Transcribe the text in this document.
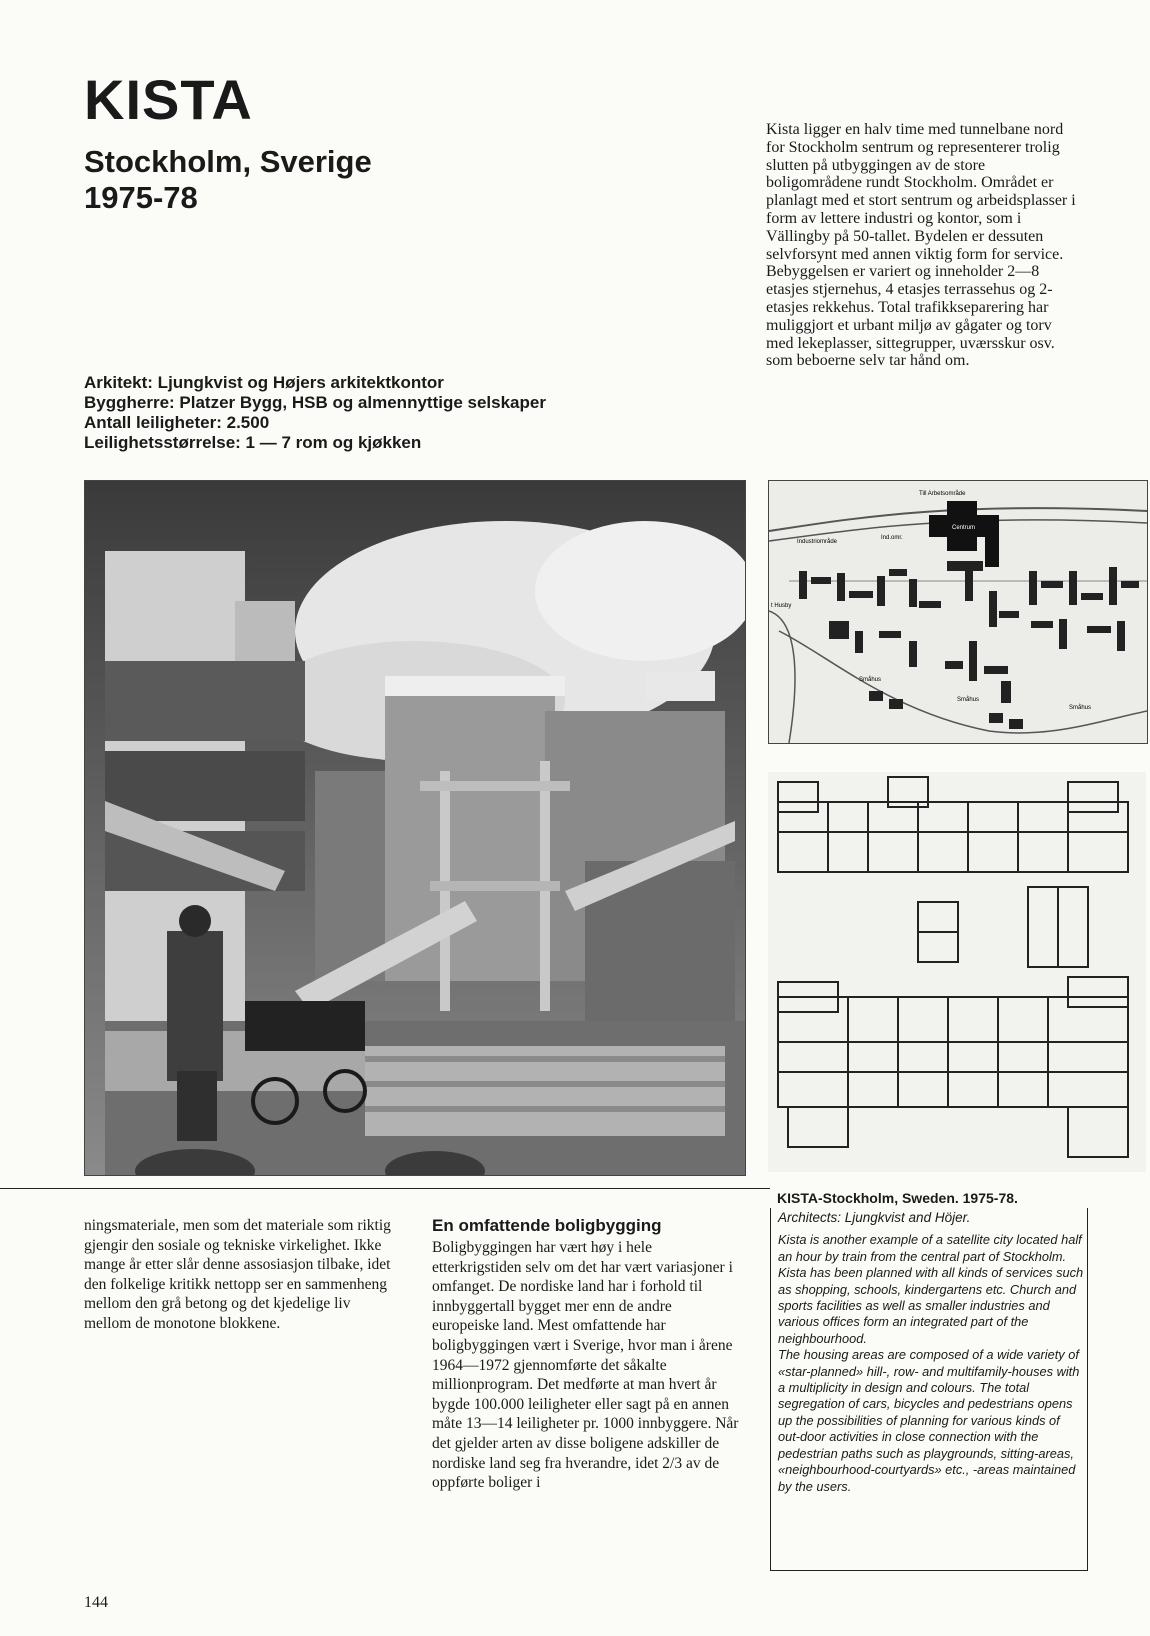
KISTA
Stockholm, Sverige 1975-78
Arkitekt: Ljungkvist og Højers arkitektkontor
Byggherre: Platzer Bygg, HSB og almennyttige selskaper
Antall leiligheter: 2.500
Leilighetsstørrelse: 1 — 7 rom og kjøkken
Kista ligger en halv time med tunnelbane nord for Stockholm sentrum og representerer trolig slutten på utbyggingen av de store boligområdene rundt Stockholm. Området er planlagt med et stort sentrum og arbeidsplasser i form av lettere industri og kontor, som i Vällingby på 50-tallet. Bydelen er dessuten selvforsynt med annen viktig form for service. Bebyggelsen er variert og inneholder 2—8 etasjes stjernehus, 4 etasjes terrassehus og 2-etasjes rekkehus. Total trafikkseparering har muliggjort et urbant miljø av gågater og torv med lekeplasser, sittegrupper, uværsskur osv. som beboerne selv tar hånd om.
Till Arbetsområde
Centrum
Industriområde
Ind.omr.
t Husby
Småhus
Småhus
Småhus
ningsmateriale, men som det materiale som riktig gjengir den sosiale og tekniske virkelighet. Ikke mange år etter slår denne assosiasjon tilbake, idet den folkelige kritikk nettopp ser en sammenheng mellom den grå betong og det kjedelige liv mellom de monotone blokkene.
En omfattende boligbygging
Boligbyggingen har vært høy i hele etterkrigstiden selv om det har vært variasjoner i omfanget. De nordiske land har i forhold til innbyggertall bygget mer enn de andre europeiske land. Mest omfattende har boligbyggingen vært i Sverige, hvor man i årene 1964—1972 gjennomførte det såkalte millionprogram. Det medførte at man hvert år bygde 100.000 leiligheter eller sagt på en annen måte 13—14 leiligheter pr. 1000 innbyggere. Når det gjelder arten av disse boligene adskiller de nordiske land seg fra hverandre, idet 2/3 av de oppførte boliger i
KISTA-Stockholm, Sweden. 1975-78.
Architects: Ljungkvist and Höjer.
Kista is another example of a satellite city located half an hour by train from the central part of Stockholm. Kista has been planned with all kinds of services such as shopping, schools, kindergartens etc. Church and sports facilities as well as smaller industries and various offices form an integrated part of the neighbourhood.
The housing areas are composed of a wide variety of «star-planned» hill-, row- and multifamily-houses with a multiplicity in design and colours. The total segregation of cars, bicycles and pedestrians opens up the possibilities of planning for various kinds of out-door activities in close connection with the pedestrian paths such as playgrounds, sitting-areas, «neighbourhood-courtyards» etc., -areas maintained by the users.
144
